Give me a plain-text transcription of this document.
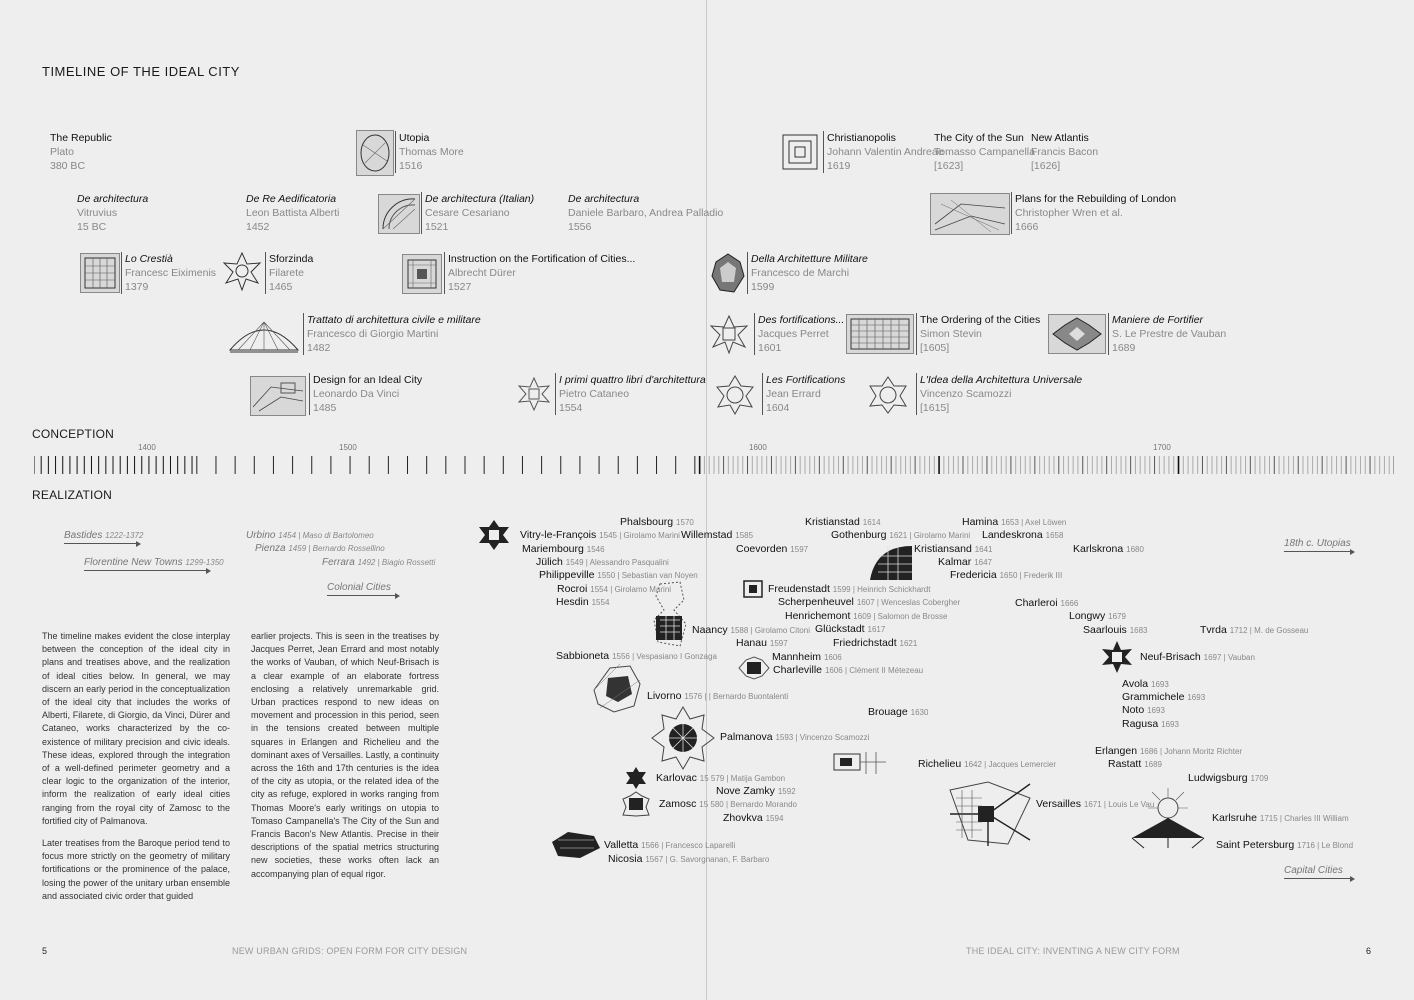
TIMELINE OF THE IDEAL CITY
The Republic
Plato
380 BC
De architectura
Vitruvius
15 BC
Lo Crestià
Francesc Eiximenis
1379
De Re Aedificatoria
Leon Battista Alberti
1452
Sforzinda
Filarete
1465
Trattato di architettura civile e militare
Francesco di Giorgio Martini
1482
Design for an Ideal City
Leonardo Da Vinci
1485
Utopia
Thomas More
1516
De architectura (Italian)
Cesare Cesariano
1521
Instruction on the Fortification of Cities...
Albrecht Dürer
1527
I primi quattro libri d'architettura
Pietro Cataneo
1554
De architectura
Daniele Barbaro, Andrea Palladio
1556
Della Architetture Militare
Francesco de Marchi
1599
Des fortifications...
Jacques Perret
1601
Les Fortifications
Jean Errard
1604
Christianopolis
Johann Valentin Andreae
1619
The City of the Sun
Tomasso Campanella
[1623]
New Atlantis
Francis Bacon
[1626]
The Ordering of the Cities
Simon Stevin
[1605]
L'Idea della Architettura Universale
Vincenzo Scamozzi
[1615]
Plans for the Rebuilding of London
Christopher Wren et al.
1666
Maniere de Fortifier
S. Le Prestre de Vauban
1689
CONCEPTION
REALIZATION
1400	1500	1600	1700
Bastides 1222-1372
Florentine New Towns 1299-1350
Colonial Cities
Urbino 1454 | Maso di Bartolomeo
Pienza 1459 | Bernardo Rossellino
Ferrara 1492 | Biagio Rossetti
18th c. Utopias
Capital Cities

The timeline makes evident the close interplay between the conception of the ideal city in plans and treatises above, and the realization of ideal cities below. In general, we may discern an early period in the conceptualization of the ideal city that includes the works of Alberti, Filarete, di Giorgio, da Vinci, Dürer and Cataneo, works characterized by the co-existence of military precision and civic ideals. These ideas, explored through the integration of a well-defined perimeter geometry and a clear logic to the organization of the interior, inform the realization of early ideal cities ranging from the royal city of Zamosc to the fortified city of Palmanova.

Later treatises from the Baroque period tend to focus more strictly on the geometry of military fortifications or the prominence of the palace, losing the power of the unitary urban ensemble and associated civic order that guided

earlier projects. This is seen in the treatises by Jacques Perret, Jean Errard and most notably the works of Vauban, of which Neuf-Brisach is a clear example of an elaborate fortress enclosing a relatively unremarkable grid. Urban practices respond to new ideas on movement and procession in this period, seen in the tensions created between multiple squares in Erlangen and Richelieu and the dominant axes of Versailles. Lastly, a continuity across the 16th and 17th centuries is the idea of the city as utopia, or the related idea of the city as refuge, explored in works ranging from Thomas Moore's early writings on utopia to Tomaso Campanella's The City of the Sun and Francis Bacon's New Atlantis. Precise in their descriptions of the spatial metrics structuring new societies, these works often lack an accompanying plan of equal rigor.

Phalsbourg 1570
Vitry-le-François 1545 | Girolamo Marini
Mariembourg 1546
Jülich 1549 | Alessandro Pasqualini
Philippeville 1550 | Sebastian van Noyen
Rocroi 1554 | Girolamo Marini
Hesdin 1554
Sabbioneta 1556 | Vespasiano I Gonzaga
Livorno 1576 | | Bernardo Buontalenti
Palmanova 1593 | Vincenzo Scamozzi
Karlovac 15 579 | Matija Gambon
Zamosc 15 580 | Bernardo Morando
Valletta 1566 | Francesco Laparelli
Nicosia 1567 | G. Savorgnanan, F. Barbaro
Willemstad 1585
Coevorden 1597
Naancy 1588 | Girolamo Citoni
Hanau 1597
Mannheim 1606
Charleville 1606 | Clément II Métezeau
Nove Zamky 1592
Zhovkva 1594
Kristianstad 1614
Gothenburg 1621 | Girolamo Marini
Kristiansand 1641
Kalmar 1647
Fredericia 1650 | Frederik III
Freudenstadt 1599 | Heinrich Schickhardt
Scherpenheuvel 1607 | Wenceslas Cobergher
Henrichemont 1609 | Salomon de Brosse
Glückstadt 1617
Friedrichstadt 1621
Brouage 1630
Richelieu 1642 | Jacques Lemercier
Versailles 1671 | Louis Le Vau
Hamina 1653 | Axel Löwen
Landeskrona 1658
Karlskrona 1680
Charleroi 1666
Longwy 1679
Saarlouis 1683	Tvrda 1712 | M. de Gosseau
Neuf-Brisach 1697 | Vauban
Avola 1693
Grammichele 1693
Noto 1693
Ragusa 1693
Erlangen 1686 | Johann Moritz Richter
Rastatt 1689
Ludwigsburg 1709
Karlsruhe 1715 | Charles III William
Saint Petersburg 1716 | Le Blond
5	NEW URBAN GRIDS: OPEN FORM FOR CITY DESIGN	THE IDEAL CITY: INVENTING A NEW CITY FORM	6
